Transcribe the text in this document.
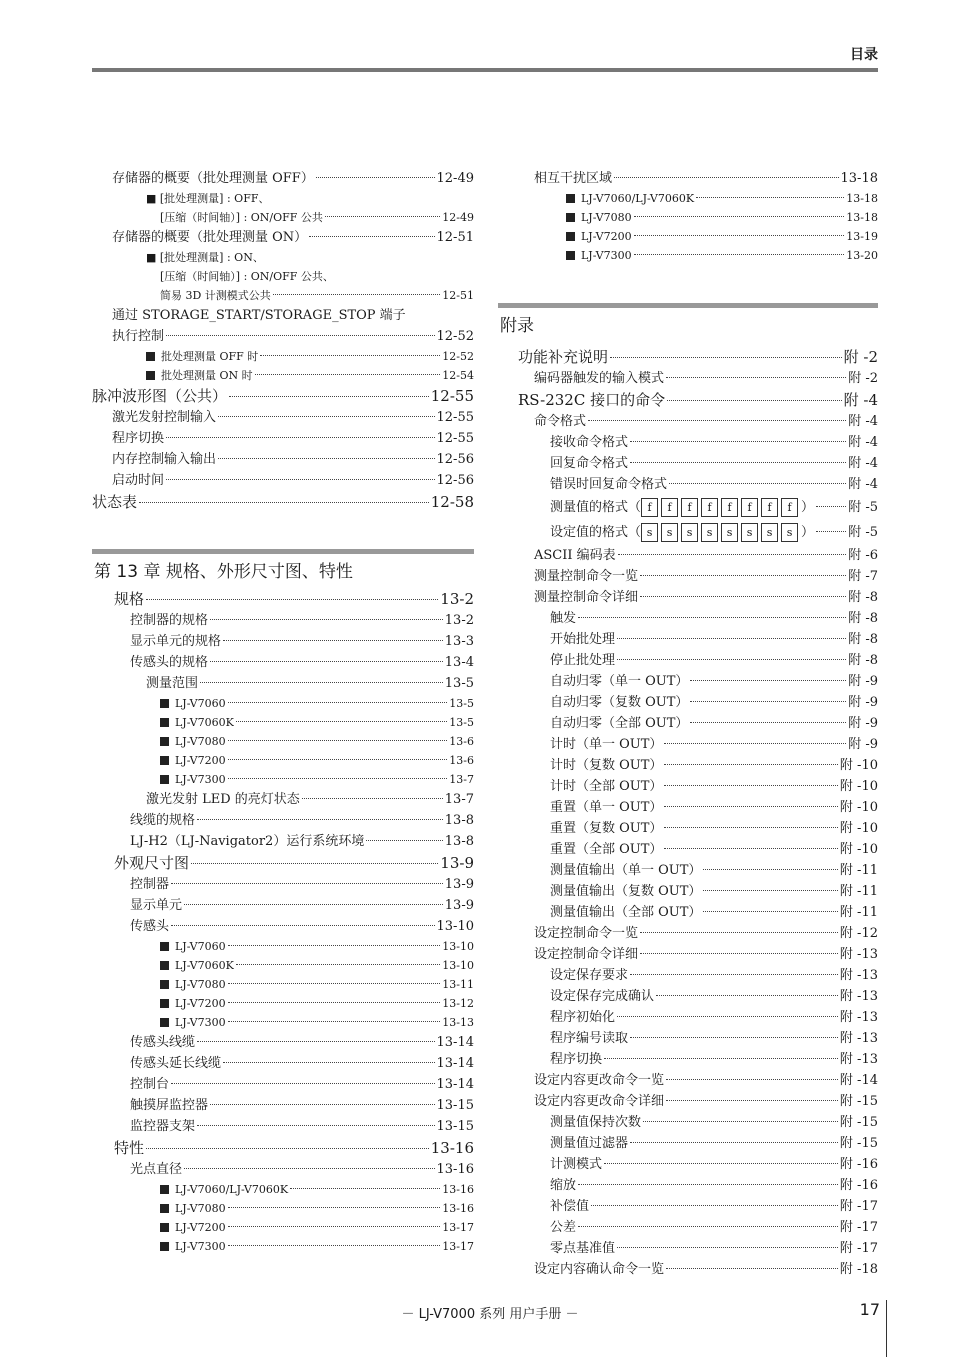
目录
存储器的概要（批处理测量 OFF）	12-49
■ [批处理测量] : OFF、
[压缩（时间轴）] : ON/OFF 公共	12-49
存储器的概要（批处理测量 ON）	12-51
■ [批处理测量] : ON、
[压缩（时间轴）] : ON/OFF 公共、
简易 3D 计测模式公共	12-51
通过 STORAGE_START/STORAGE_STOP 端子
执行控制	12-52
批处理测量 OFF 时	12-52
批处理测量 ON 时	12-54
脉冲波形图（公共）	12-55
激光发射控制输入	12-55
程序切换	12-55
内存控制输入输出	12-56
启动时间	12-56
状态表	12-58
第 13 章 规格、外形尺寸图、特性
规格	13-2
控制器的规格	13-2
显示单元的规格	13-3
传感头的规格	13-4
测量范围	13-5
LJ-V7060	13-5
LJ-V7060K	13-5
LJ-V7080	13-6
LJ-V7200	13-6
LJ-V7300	13-7
激光发射 LED 的亮灯状态	13-7
线缆的规格	13-8
LJ-H2（LJ-Navigator2）运行系统环境	13-8
外观尺寸图	13-9
控制器	13-9
显示单元	13-9
传感头	13-10
LJ-V7060	13-10
LJ-V7060K	13-10
LJ-V7080	13-11
LJ-V7200	13-12
LJ-V7300	13-13
传感头线缆	13-14
传感头延长线缆	13-14
控制台	13-14
触摸屏监控器	13-15
监控器支架	13-15
特性	13-16
光点直径	13-16
LJ-V7060/LJ-V7060K	13-16
LJ-V7080	13-16
LJ-V7200	13-17
LJ-V7300	13-17
相互干扰区域	13-18
LJ-V7060/LJ-V7060K	13-18
LJ-V7080	13-18
LJ-V7200	13-19
LJ-V7300	13-20
附录
功能补充说明	附 -2
编码器触发的输入模式	附 -2
RS-232C 接口的命令	附 -4
命令格式	附 -4
接收命令格式	附 -4
回复命令格式	附 -4
错误时回复命令格式	附 -4
测量值的格式（ f	f	f	f	f	f	f	f ）	附 -5
设定值的格式（ s	s	s	s	s	s	s	s ）	附 -5
ASCII 编码表	附 -6
测量控制命令一览	附 -7
测量控制命令详细	附 -8
触发	附 -8
开始批处理	附 -8
停止批处理	附 -8
自动归零（单一 OUT）	附 -9
自动归零（复数 OUT）	附 -9
自动归零（全部 OUT）	附 -9
计时（单一 OUT）	附 -9
计时（复数 OUT）	附 -10
计时（全部 OUT）	附 -10
重置（单一 OUT）	附 -10
重置（复数 OUT）	附 -10
重置（全部 OUT）	附 -10
测量值输出（单一 OUT）	附 -11
测量值输出（复数 OUT）	附 -11
测量值输出（全部 OUT）	附 -11
设定控制命令一览	附 -12
设定控制命令详细	附 -13
设定保存要求	附 -13
设定保存完成确认	附 -13
程序初始化	附 -13
程序编号读取	附 -13
程序切换	附 -13
设定内容更改命令一览	附 -14
设定内容更改命令详细	附 -15
测量值保持次数	附 -15
测量值过滤器	附 -15
计测模式	附 -16
缩放	附 -16
补偿值	附 -17
公差	附 -17
零点基准值	附 -17
设定内容确认命令一览	附 -18
－ LJ-V7000 系列 用户手册 －	17
